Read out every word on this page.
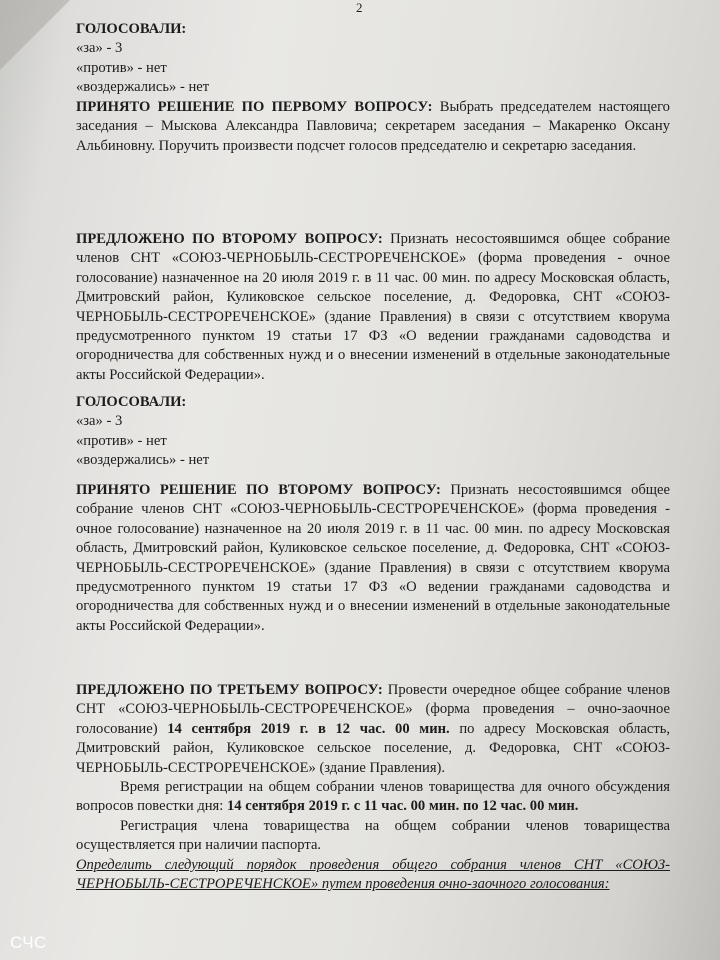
2

ГОЛОСОВАЛИ:

«за» - 3

«против» - нет

«воздержались» - нет

ПРИНЯТО РЕШЕНИЕ ПО ПЕРВОМУ ВОПРОСУ: Выбрать председателем настоящего заседания – Мыскова Александра Павловича; секретарем заседания – Макаренко Оксану Альбиновну. Поручить произвести подсчет голосов председателю и секретарю заседания.

ПРЕДЛОЖЕНО ПО ВТОРОМУ ВОПРОСУ: Признать несостоявшимся общее собрание членов СНТ «СОЮЗ-ЧЕРНОБЫЛЬ-СЕСТРОРЕЧЕНСКОЕ» (форма проведения - очное голосование) назначенное на 20 июля 2019 г. в 11 час. 00 мин. по адресу Московская область, Дмитровский район, Куликовское сельское поселение, д. Федоровка, СНТ «СОЮЗ-ЧЕРНОБЫЛЬ-СЕСТРОРЕЧЕНСКОЕ» (здание Правления) в связи с отсутствием кворума предусмотренного пунктом 19 статьи 17 ФЗ «О ведении гражданами садоводства и огородничества для собственных нужд и о внесении изменений в отдельные законодательные акты Российской Федерации».

ГОЛОСОВАЛИ:

«за» - 3

«против» - нет

«воздержались» - нет

ПРИНЯТО РЕШЕНИЕ ПО ВТОРОМУ ВОПРОСУ: Признать несостоявшимся общее собрание членов СНТ «СОЮЗ-ЧЕРНОБЫЛЬ-СЕСТРОРЕЧЕНСКОЕ» (форма проведения - очное голосование) назначенное на 20 июля 2019 г. в 11 час. 00 мин. по адресу Московская область, Дмитровский район, Куликовское сельское поселение, д. Федоровка, СНТ «СОЮЗ-ЧЕРНОБЫЛЬ-СЕСТРОРЕЧЕНСКОЕ» (здание Правления) в связи с отсутствием кворума предусмотренного пунктом 19 статьи 17 ФЗ «О ведении гражданами садоводства и огородничества для собственных нужд и о внесении изменений в отдельные законодательные акты Российской Федерации».

ПРЕДЛОЖЕНО ПО ТРЕТЬЕМУ ВОПРОСУ: Провести очередное общее собрание членов СНТ «СОЮЗ-ЧЕРНОБЫЛЬ-СЕСТРОРЕЧЕНСКОЕ» (форма проведения – очно-заочное голосование) 14 сентября 2019 г. в 12 час. 00 мин. по адресу Московская область, Дмитровский район, Куликовское сельское поселение, д. Федоровка, СНТ «СОЮЗ-ЧЕРНОБЫЛЬ-СЕСТРОРЕЧЕНСКОЕ» (здание Правления).

Время регистрации на общем собрании членов товарищества для очного обсуждения вопросов повестки дня: 14 сентября 2019 г. с 11 час. 00 мин. по 12 час. 00 мин.

Регистрация члена товарищества на общем собрании членов товарищества осуществляется при наличии паспорта.

Определить следующий порядок проведения общего собрания членов СНТ «СОЮЗ-ЧЕРНОБЫЛЬ-СЕСТРОРЕЧЕНСКОЕ» путем проведения очно-заочного голосования:

СЧС
